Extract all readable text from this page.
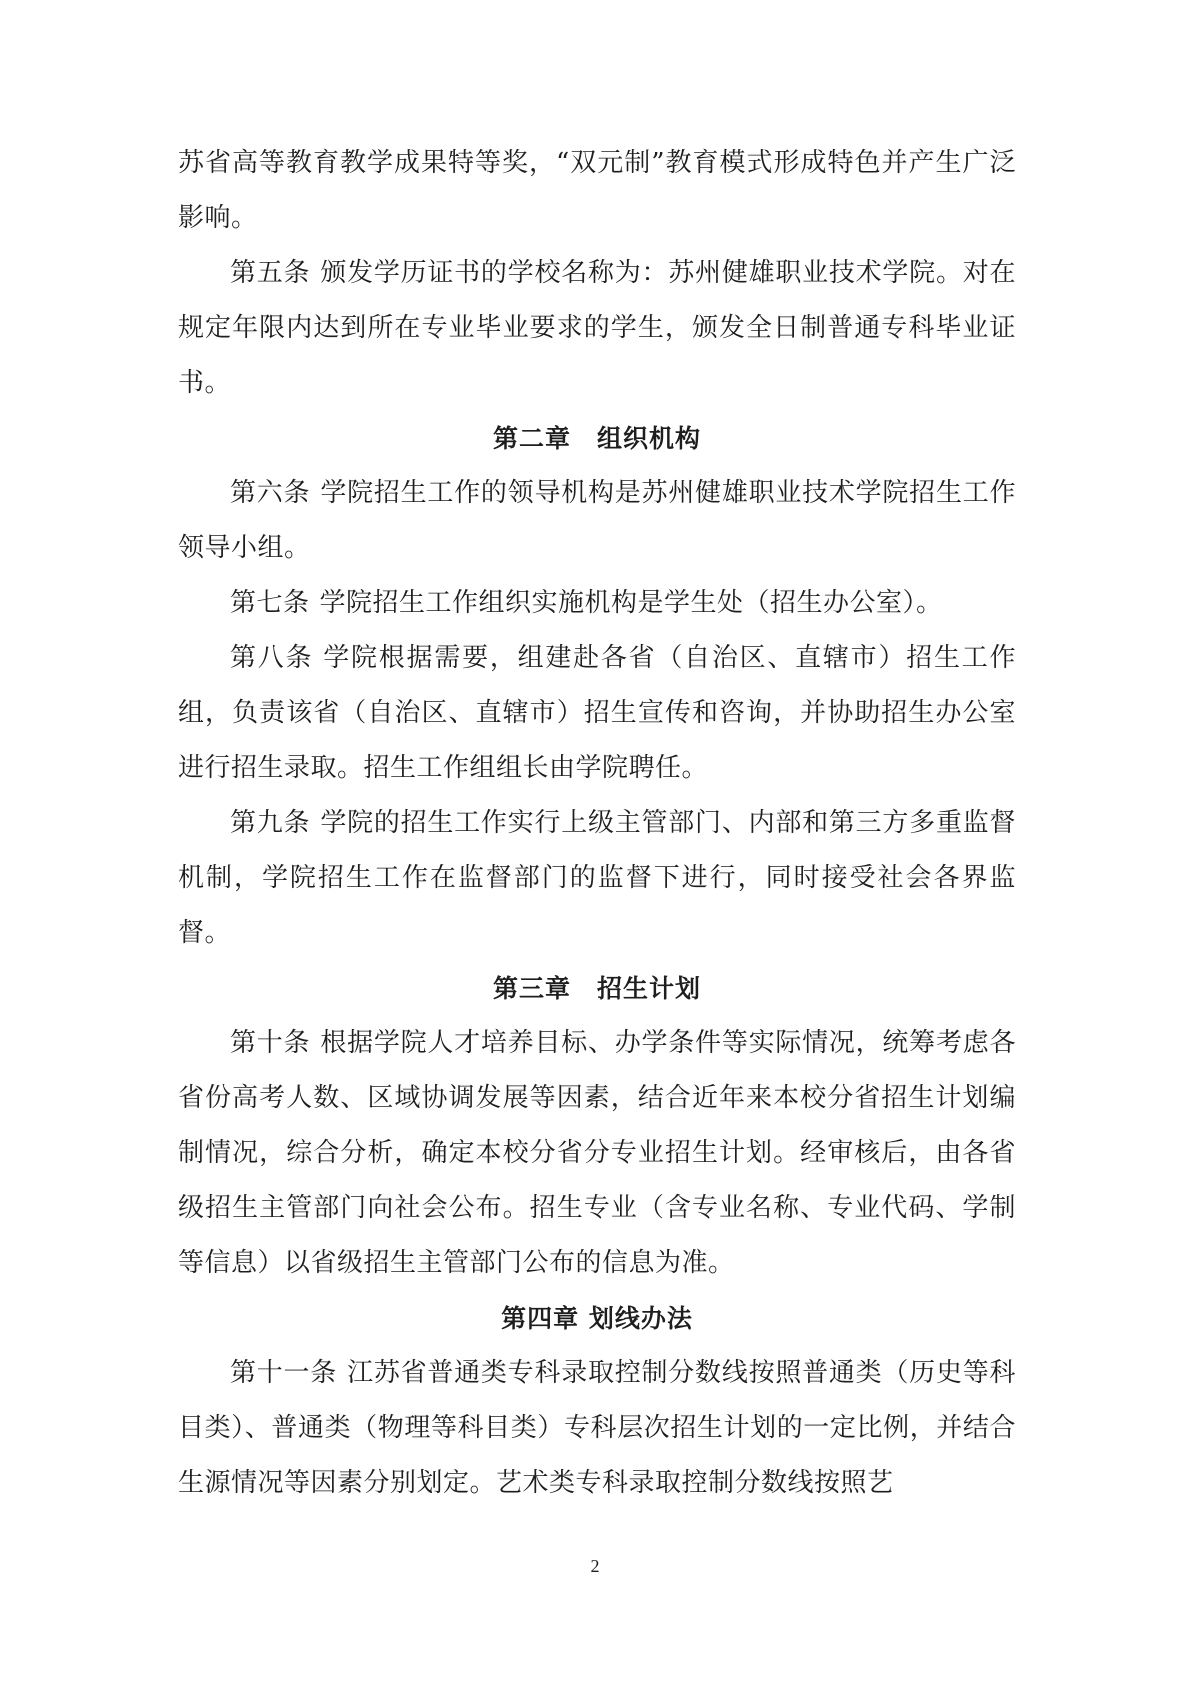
苏省高等教育教学成果特等奖，“双元制”教育模式形成特色并产生广泛影响。

第五条 颁发学历证书的学校名称为：苏州健雄职业技术学院。对在规定年限内达到所在专业毕业要求的学生，颁发全日制普通专科毕业证书。

第二章　组织机构

第六条 学院招生工作的领导机构是苏州健雄职业技术学院招生工作领导小组。

第七条 学院招生工作组织实施机构是学生处（招生办公室）。

第八条 学院根据需要，组建赴各省（自治区、直辖市）招生工作组，负责该省（自治区、直辖市）招生宣传和咨询，并协助招生办公室进行招生录取。招生工作组组长由学院聘任。

第九条 学院的招生工作实行上级主管部门、内部和第三方多重监督机制，学院招生工作在监督部门的监督下进行，同时接受社会各界监督。

第三章　招生计划

第十条 根据学院人才培养目标、办学条件等实际情况，统筹考虑各省份高考人数、区域协调发展等因素，结合近年来本校分省招生计划编制情况，综合分析，确定本校分省分专业招生计划。经审核后，由各省级招生主管部门向社会公布。招生专业（含专业名称、专业代码、学制等信息）以省级招生主管部门公布的信息为准。

第四章 划线办法

第十一条 江苏省普通类专科录取控制分数线按照普通类（历史等科目类）、普通类（物理等科目类）专科层次招生计划的一定比例，并结合生源情况等因素分别划定。艺术类专科录取控制分数线按照艺

2
